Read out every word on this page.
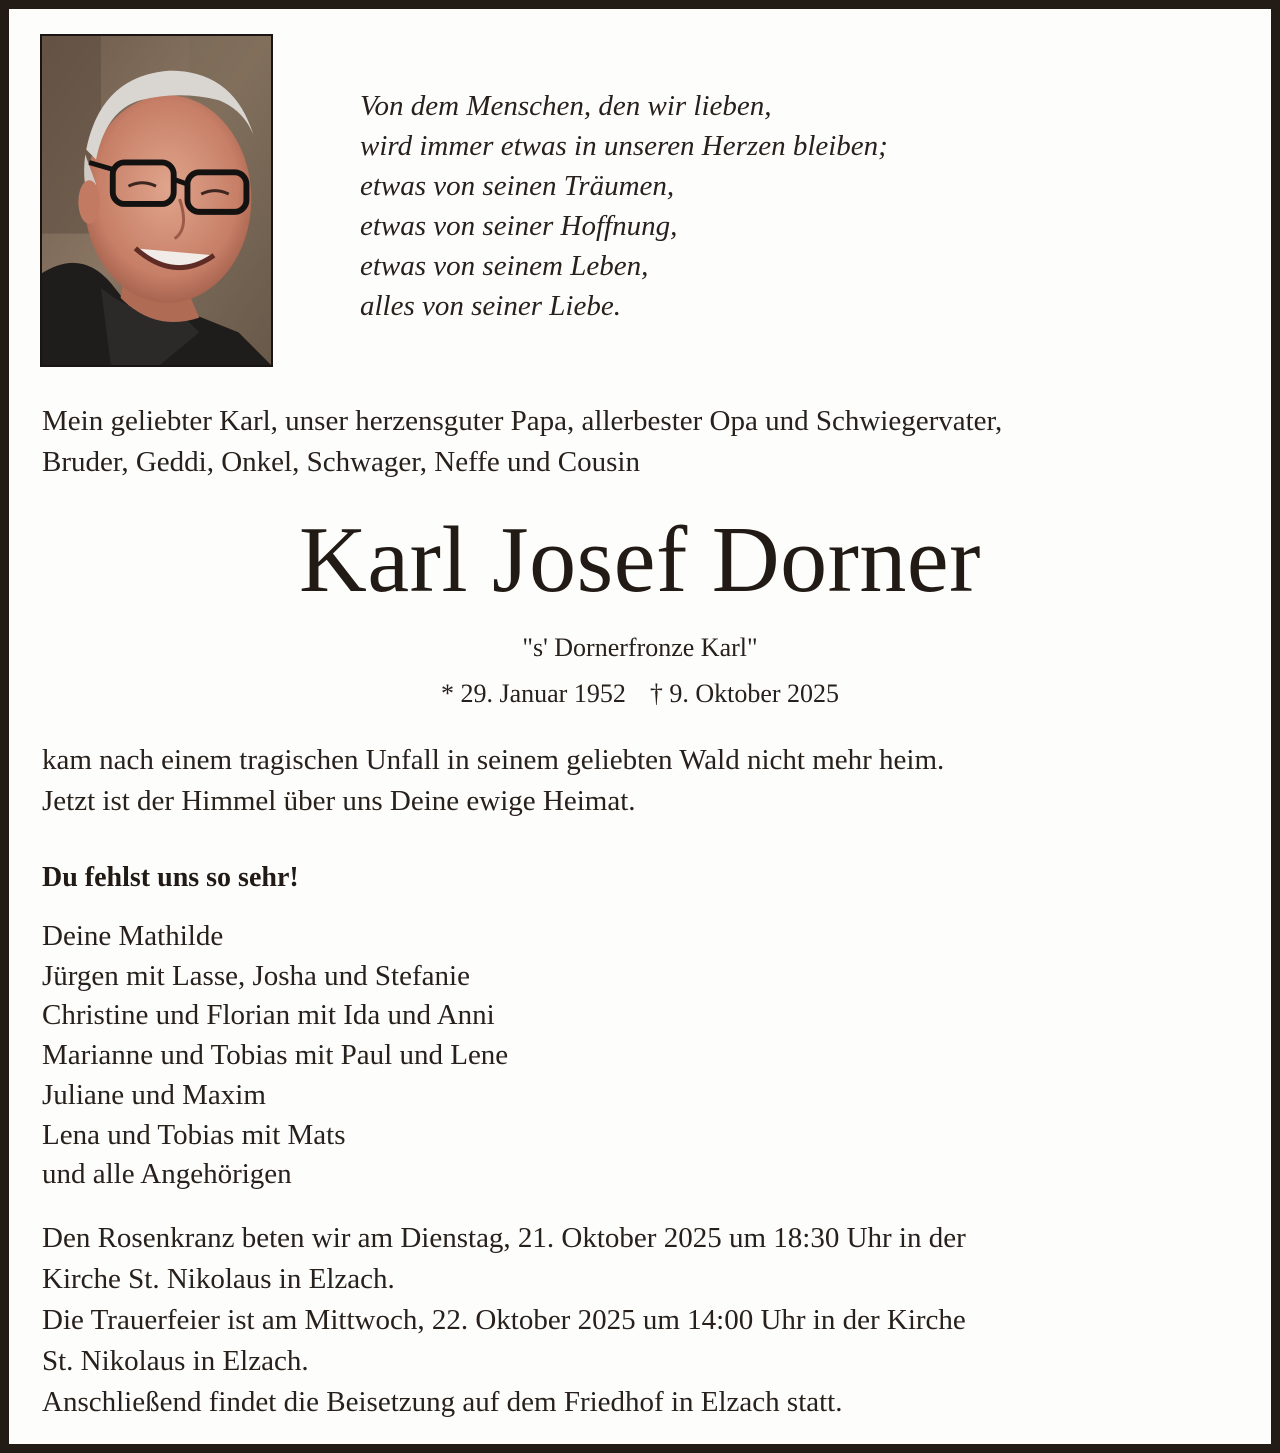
Von dem Menschen, den wir lieben,
wird immer etwas in unseren Herzen bleiben;
etwas von seinen Träumen,
etwas von seiner Hoffnung,
etwas von seinem Leben,
alles von seiner Liebe.
Mein geliebter Karl, unser herzensguter Papa, allerbester Opa und Schwiegervater,
Bruder, Geddi, Onkel, Schwager, Neffe und Cousin
Karl Josef Dorner
"s' Dornerfronze Karl"
* 29. Januar 1952 † 9. Oktober 2025
kam nach einem tragischen Unfall in seinem geliebten Wald nicht mehr heim.
Jetzt ist der Himmel über uns Deine ewige Heimat.
Du fehlst uns so sehr!
Deine Mathilde
Jürgen mit Lasse, Josha und Stefanie
Christine und Florian mit Ida und Anni
Marianne und Tobias mit Paul und Lene
Juliane und Maxim
Lena und Tobias mit Mats
und alle Angehörigen
Den Rosenkranz beten wir am Dienstag, 21. Oktober 2025 um 18:30 Uhr in der
Kirche St. Nikolaus in Elzach.
Die Trauerfeier ist am Mittwoch, 22. Oktober 2025 um 14:00 Uhr in der Kirche
St. Nikolaus in Elzach.
Anschließend findet die Beisetzung auf dem Friedhof in Elzach statt.
